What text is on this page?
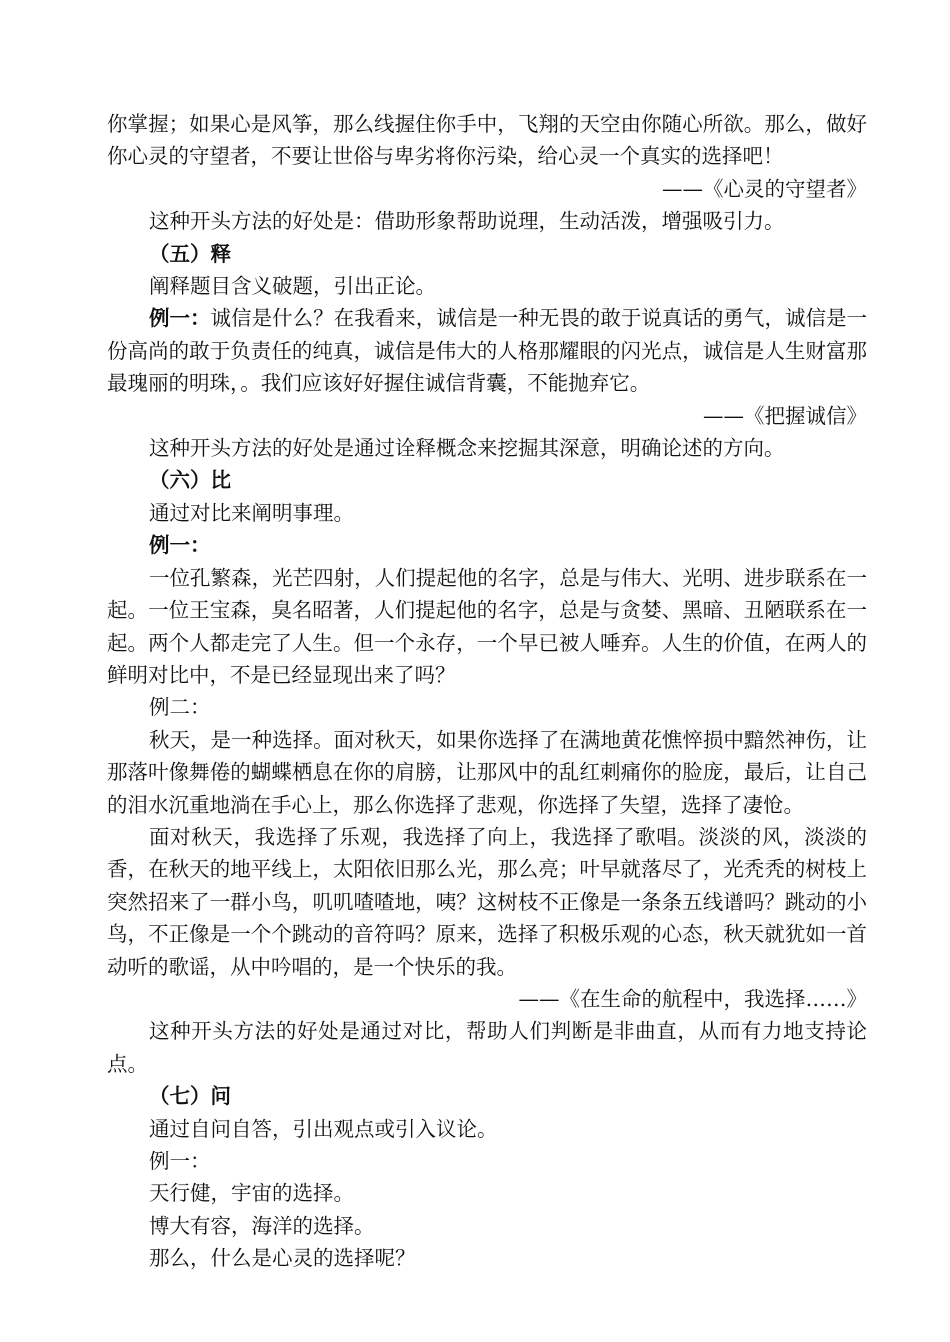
你掌握；如果心是风筝，那么线握住你手中，飞翔的天空由你随心所欲。那么，做好你心灵的守望者，不要让世俗与卑劣将你污染，给心灵一个真实的选择吧！

——《心灵的守望者》

这种开头方法的好处是：借助形象帮助说理，生动活泼，增强吸引力。

（五）释

阐释题目含义破题，引出正论。

例一：诚信是什么？在我看来，诚信是一种无畏的敢于说真话的勇气，诚信是一份高尚的敢于负责任的纯真，诚信是伟大的人格那耀眼的闪光点，诚信是人生财富那最瑰丽的明珠，。我们应该好好握住诚信背囊，不能抛弃它。

——《把握诚信》

这种开头方法的好处是通过诠释概念来挖掘其深意，明确论述的方向。

（六）比

通过对比来阐明事理。

例一：

一位孔繁森，光芒四射，人们提起他的名字，总是与伟大、光明、进步联系在一起。一位王宝森，臭名昭著，人们提起他的名字，总是与贪婪、黑暗、丑陋联系在一起。两个人都走完了人生。但一个永存，一个早已被人唾弃。人生的价值，在两人的鲜明对比中，不是已经显现出来了吗？

例二：

秋天，是一种选择。面对秋天，如果你选择了在满地黄花憔悴损中黯然神伤，让那落叶像舞倦的蝴蝶栖息在你的肩膀，让那风中的乱红刺痛你的脸庞，最后，让自己的泪水沉重地淌在手心上，那么你选择了悲观，你选择了失望，选择了凄怆。

面对秋天，我选择了乐观，我选择了向上，我选择了歌唱。淡淡的风，淡淡的香，在秋天的地平线上，太阳依旧那么光，那么亮；叶早就落尽了，光秃秃的树枝上突然招来了一群小鸟，叽叽喳喳地，咦？这树枝不正像是一条条五线谱吗？跳动的小鸟，不正像是一个个跳动的音符吗？原来，选择了积极乐观的心态，秋天就犹如一首动听的歌谣，从中吟唱的，是一个快乐的我。

——《在生命的航程中，我选择……》

这种开头方法的好处是通过对比，帮助人们判断是非曲直，从而有力地支持论点。

（七）问

通过自问自答，引出观点或引入议论。

例一：

天行健，宇宙的选择。

博大有容，海洋的选择。

那么，什么是心灵的选择呢？
